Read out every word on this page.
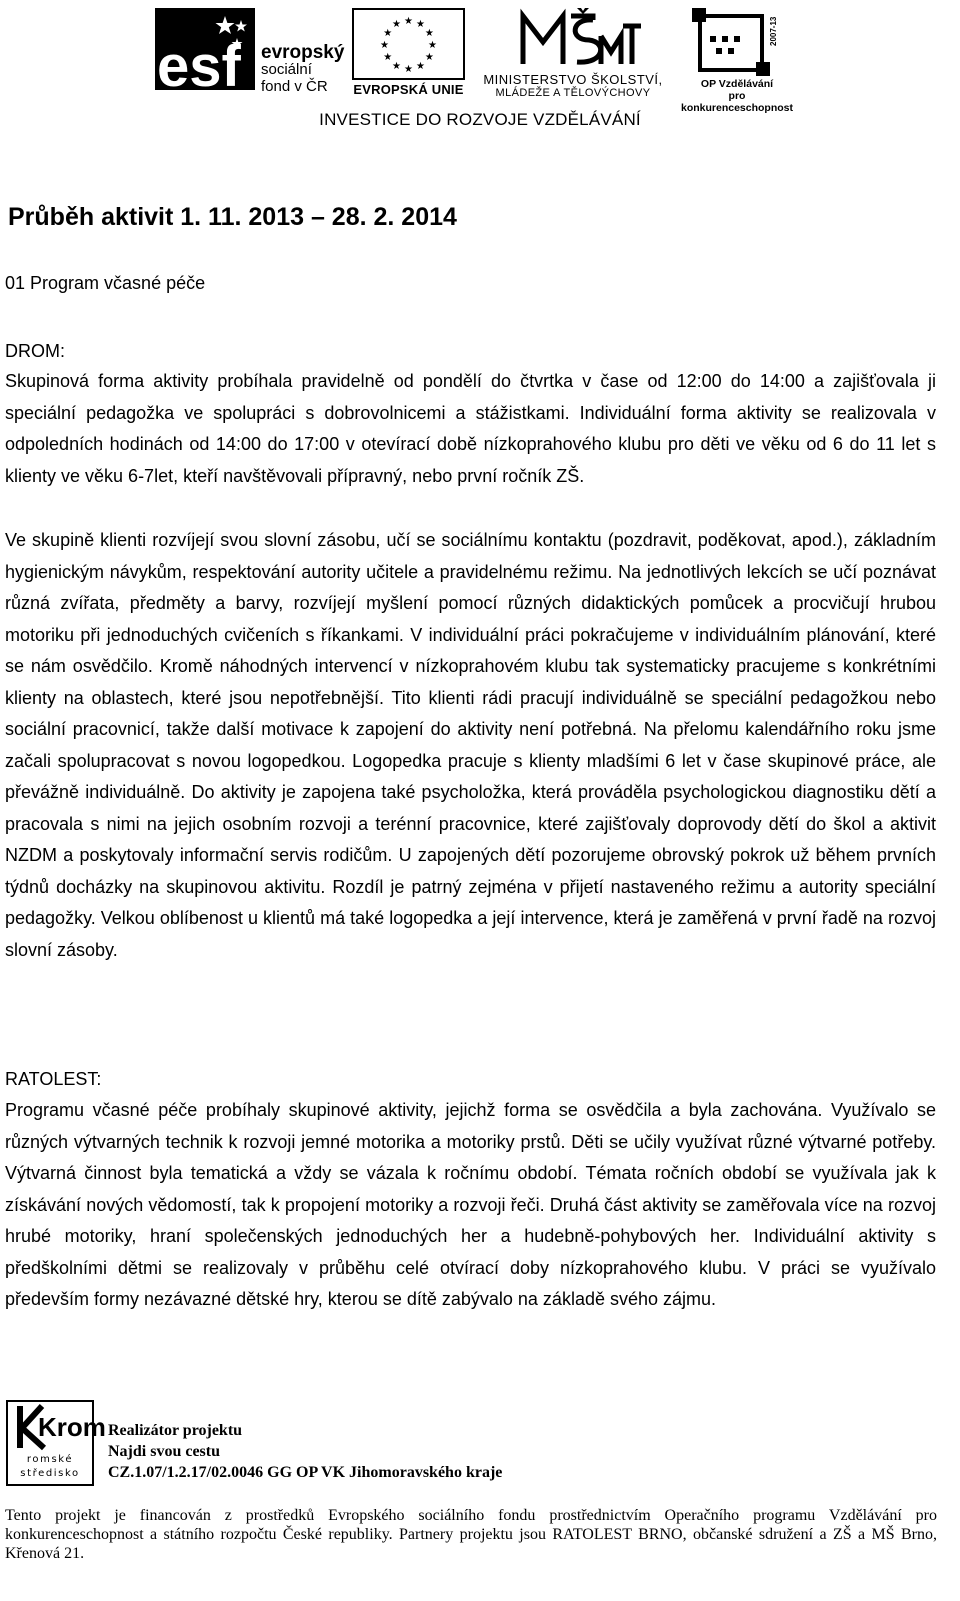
esf evropský
sociální
fond v ČR
★ ★
★
★
★
★
★
★
★
★
★
★
EVROPSKÁ UNIE
MINISTERSTVO ŠKOLSTVÍ,
MLÁDEŽE A TĚLOVÝCHOVY
2007-13
OP Vzdělávání
pro konkurenceschopnost
INVESTICE DO ROZVOJE VZDĚLÁVÁNÍ
Průběh aktivit 1. 11. 2013 – 28. 2. 2014
01 Program včasné péče
DROM:

Skupinová forma aktivity probíhala pravidelně od pondělí do čtvrtka v čase od 12:00 do 14:00 a zajišťovala ji speciální pedagožka ve spolupráci s dobrovolnicemi a stážistkami. Individuální forma aktivity se realizovala v odpoledních hodinách od 14:00 do 17:00 v otevírací době nízkoprahového klubu pro děti ve věku od 6 do 11 let s klienty ve věku 6-7let, kteří navštěvovali přípravný, nebo první ročník ZŠ.

Ve skupině klienti rozvíjejí svou slovní zásobu, učí se sociálnímu kontaktu (pozdravit, poděkovat, apod.), základním hygienickým návykům, respektování autority učitele a pravidelnému režimu. Na jednotlivých lekcích se učí poznávat různá zvířata, předměty a barvy, rozvíjejí myšlení pomocí různých didaktických pomůcek a procvičují hrubou motoriku při jednoduchých cvičeních s říkankami. V individuální práci pokračujeme v individuálním plánování, které se nám osvědčilo. Kromě náhodných intervencí v nízkoprahovém klubu tak systematicky pracujeme s konkrétními klienty na oblastech, které jsou nepotřebnější. Tito klienti rádi pracují individuálně se speciální pedagožkou nebo sociální pracovnicí, takže další motivace k zapojení do aktivity není potřebná. Na přelomu kalendářního roku jsme začali spolupracovat s novou logopedkou. Logopedka pracuje s klienty mladšími 6 let v čase skupinové práce, ale převážně individuálně. Do aktivity je zapojena také psycholožka, která prováděla psychologickou diagnostiku dětí a pracovala s nimi na jejich osobním rozvoji a terénní pracovnice, které zajišťovaly doprovody dětí do škol a aktivit NZDM a poskytovaly informační servis rodičům. U zapojených dětí pozorujeme obrovský pokrok už během prvních týdnů docházky na skupinovou aktivitu. Rozdíl je patrný zejména v přijetí nastaveného režimu a autority speciální pedagožky. Velkou oblíbenost u klientů má také logopedka a její intervence, která je zaměřená v první řadě na rozvoj slovní zásoby.

RATOLEST:

Programu včasné péče probíhaly skupinové aktivity, jejichž forma se osvědčila a byla zachována. Využívalo se různých výtvarných technik k rozvoji jemné motorika a motoriky prstů. Děti se učily využívat různé výtvarné potřeby. Výtvarná činnost byla tematická a vždy se vázala k ročnímu období. Témata ročních období se využívala jak k získávání nových vědomostí, tak k propojení motoriky a rozvoji řeči. Druhá část aktivity se zaměřovala více na rozvoj hrubé motoriky, hraní společenských jednoduchých her a hudebně-pohybových her. Individuální aktivity s předškolními dětmi se realizovaly v průběhu celé otvírací doby nízkoprahového klubu. V práci se využívalo především formy nezávazné dětské hry, kterou se dítě zabývalo na základě svého zájmu.

Krom
romské
středisko
Realizátor projektu
Najdi svou cestu
CZ.1.07/1.2.17/02.0046 GG OP VK Jihomoravského kraje

Tento projekt je financován z prostředků Evropského sociálního fondu prostřednictvím Operačního programu Vzdělávání pro konkurenceschopnost a státního rozpočtu České republiky. Partnery projektu jsou RATOLEST BRNO, občanské sdružení a ZŠ a MŠ Brno, Křenová 21.
